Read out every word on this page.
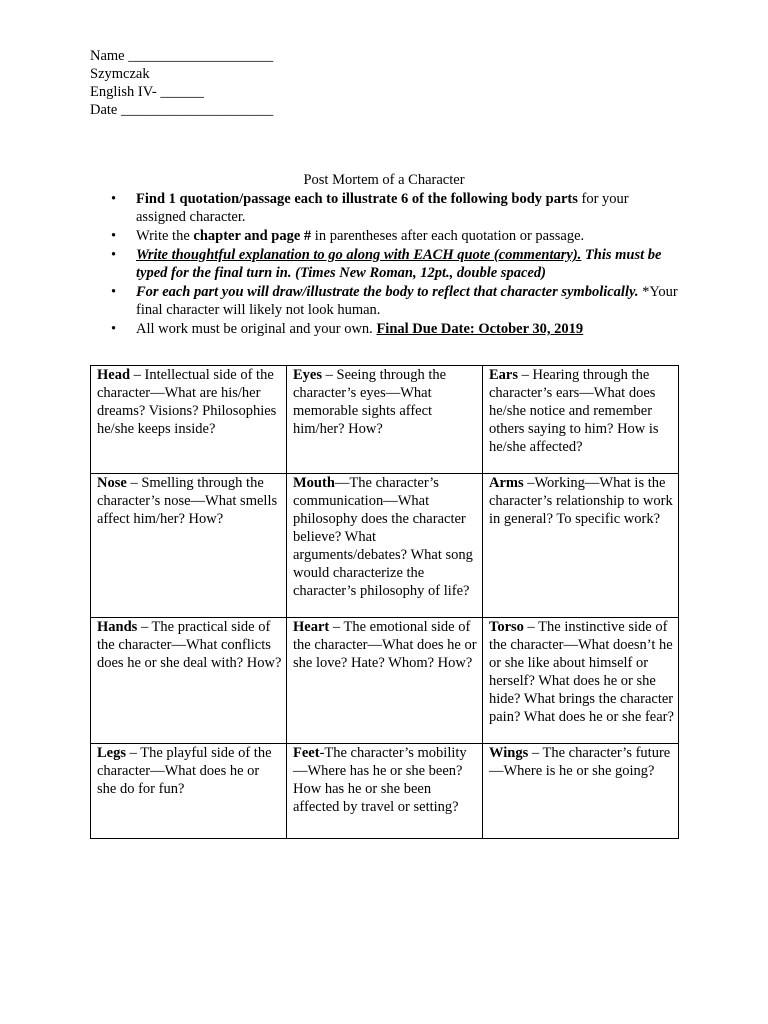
Name ____________________
Szymczak
English IV- ______
Date _____________________
Post Mortem of a Character
• Find 1 quotation/passage each to illustrate 6 of the following body parts for your assigned character.
• Write the chapter and page # in parentheses after each quotation or passage.
• Write thoughtful explanation to go along with EACH quote (commentary). This must be typed for the final turn in. (Times New Roman, 12pt., double spaced)
• For each part you will draw/illustrate the body to reflect that character symbolically. *Your final character will likely not look human.
• All work must be original and your own. Final Due Date: October 30, 2019
Head – Intellectual side of the character—What are his/her dreams? Visions? Philosophies he/she keeps inside?	Eyes – Seeing through the character’s eyes—What memorable sights affect him/her? How?	Ears – Hearing through the character’s ears—What does he/she notice and remember others saying to him? How is he/she affected?
Nose – Smelling through the character’s nose—What smells affect him/her? How?	Mouth—The character’s communication—What philosophy does the character believe? What arguments/debates? What song would characterize the character’s philosophy of life?	Arms –Working—What is the character’s relationship to work in general? To specific work?
Hands – The practical side of the character—What conflicts does he or she deal with? How?	Heart – The emotional side of the character—What does he or she love? Hate? Whom? How?	Torso – The instinctive side of the character—What doesn’t he or she like about himself or herself? What does he or she hide? What brings the character pain? What does he or she fear?
Legs – The playful side of the character—What does he or she do for fun?	Feet-The character’s mobility—Where has he or she been? How has he or she been affected by travel or setting?	Wings – The character’s future—Where is he or she going?
